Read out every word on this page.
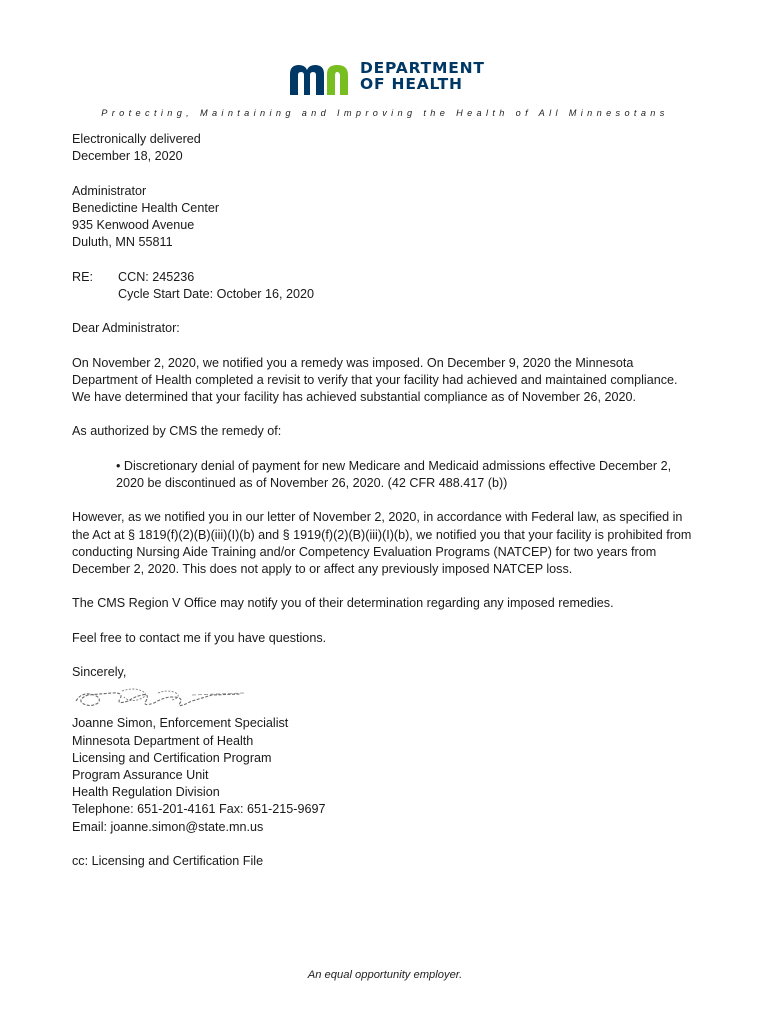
DEPARTMENT
OF HEALTH
Protecting, Maintaining and Improving the Health of All Minnesotans
Electronically delivered
December 18, 2020
Administrator
Benedictine Health Center
935 Kenwood Avenue
Duluth, MN 55811
RE: CCN: 245236
Cycle Start Date: October 16, 2020
Dear Administrator:
On November 2, 2020, we notified you a remedy was imposed. On December 9, 2020 the Minnesota
Department of Health completed a revisit to verify that your facility had achieved and maintained compliance.
We have determined that your facility has achieved substantial compliance as of November 26, 2020.
As authorized by CMS the remedy of:
• Discretionary denial of payment for new Medicare and Medicaid admissions effective December 2,
2020 be discontinued as of November 26, 2020. (42 CFR 488.417 (b))
However, as we notified you in our letter of November 2, 2020, in accordance with Federal law, as specified in
the Act at § 1819(f)(2)(B)(iii)(I)(b) and § 1919(f)(2)(B)(iii)(I)(b), we notified you that your facility is prohibited from
conducting Nursing Aide Training and/or Competency Evaluation Programs (NATCEP) for two years from
December 2, 2020. This does not apply to or affect any previously imposed NATCEP loss.
The CMS Region V Office may notify you of their determination regarding any imposed remedies.
Feel free to contact me if you have questions.
Sincerely,
Joanne Simon, Enforcement Specialist
Minnesota Department of Health
Licensing and Certification Program
Program Assurance Unit
Health Regulation Division
Telephone: 651-201-4161 Fax: 651-215-9697
Email: joanne.simon@state.mn.us
cc: Licensing and Certification File
An equal opportunity employer.
